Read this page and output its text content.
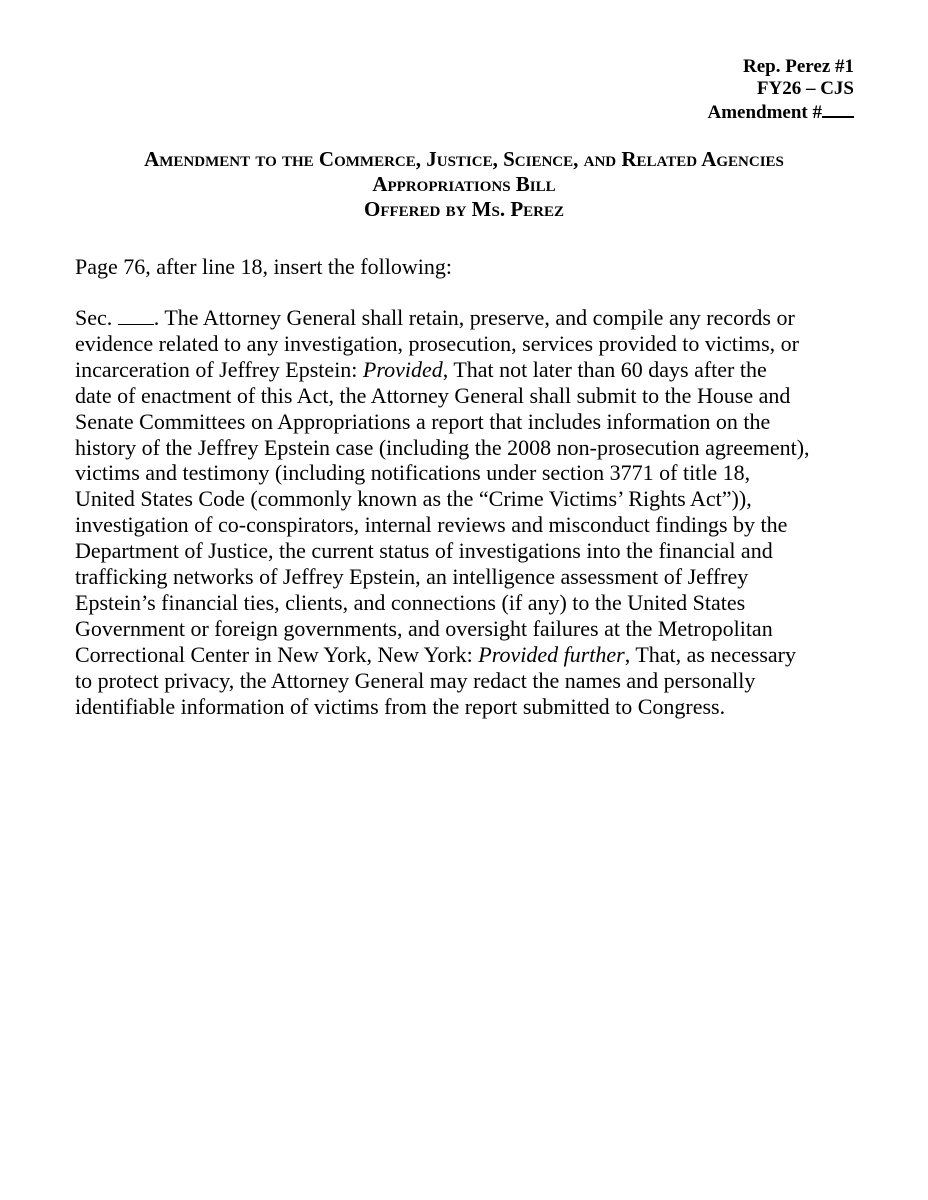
Rep. Perez #1
FY26 – CJS
Amendment #
Amendment to the Commerce, Justice, Science, and Related Agencies
Appropriations Bill
Offered by Ms. Perez
Page 76, after line 18, insert the following:
Sec. . The Attorney General shall retain, preserve, and compile any records or
evidence related to any investigation, prosecution, services provided to victims, or
incarceration of Jeffrey Epstein: Provided, That not later than 60 days after the
date of enactment of this Act, the Attorney General shall submit to the House and
Senate Committees on Appropriations a report that includes information on the
history of the Jeffrey Epstein case (including the 2008 non-prosecution agreement),
victims and testimony (including notifications under section 3771 of title 18,
United States Code (commonly known as the “Crime Victims’ Rights Act”)),
investigation of co-conspirators, internal reviews and misconduct findings by the
Department of Justice, the current status of investigations into the financial and
trafficking networks of Jeffrey Epstein, an intelligence assessment of Jeffrey
Epstein’s financial ties, clients, and connections (if any) to the United States
Government or foreign governments, and oversight failures at the Metropolitan
Correctional Center in New York, New York: Provided further, That, as necessary
to protect privacy, the Attorney General may redact the names and personally
identifiable information of victims from the report submitted to Congress.
